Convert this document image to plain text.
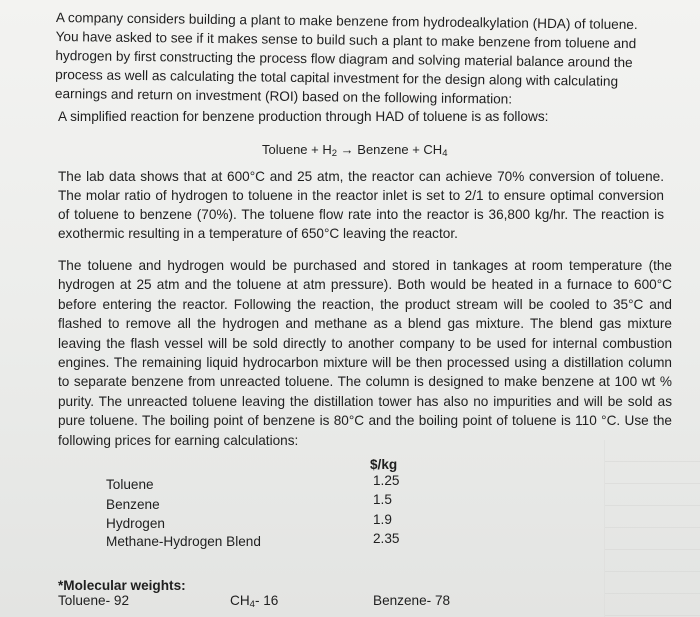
A company considers building a plant to make benzene from hydrodealkylation (HDA) of toluene. You have asked to see if it makes sense to build such a plant to make benzene from toluene and hydrogen by first constructing the process flow diagram and solving material balance around the process as well as calculating the total capital investment for the design along with calculating earnings and return on investment (ROI) based on the following information:

A simplified reaction for benzene production through HAD of toluene is as follows:

Toluene + $H_2$ → Benzene + $CH_4$

The lab data shows that at 600°C and 25 atm, the reactor can achieve 70% conversion of toluene. The molar ratio of hydrogen to toluene in the reactor inlet is set to 2/1 to ensure optimal conversion of toluene to benzene (70%). The toluene flow rate into the reactor is 36,800 kg/hr. The reaction is exothermic resulting in a temperature of 650°C leaving the reactor.

The toluene and hydrogen would be purchased and stored in tankages at room temperature (the hydrogen at 25 atm and the toluene at atm pressure). Both would be heated in a furnace to 600°C before entering the reactor. Following the reaction, the product stream will be cooled to 35°C and flashed to remove all the hydrogen and methane as a blend gas mixture. The blend gas mixture leaving the flash vessel will be sold directly to another company to be used for internal combustion engines. The remaining liquid hydrocarbon mixture will be then processed using a distillation column to separate benzene from unreacted toluene. The column is designed to make benzene at 100 wt % purity. The unreacted toluene leaving the distillation tower has also no impurities and will be sold as pure toluene. The boiling point of benzene is 80°C and the boiling point of toluene is 110 °C. Use the following prices for earning calculations:

$/kg
Toluene
Benzene
Hydrogen
Methane-Hydrogen Blend
1.25
1.5
1.9
2.35
*Molecular weights:
Toluene- 92	$CH_4-$ 16	Benzene- 78
